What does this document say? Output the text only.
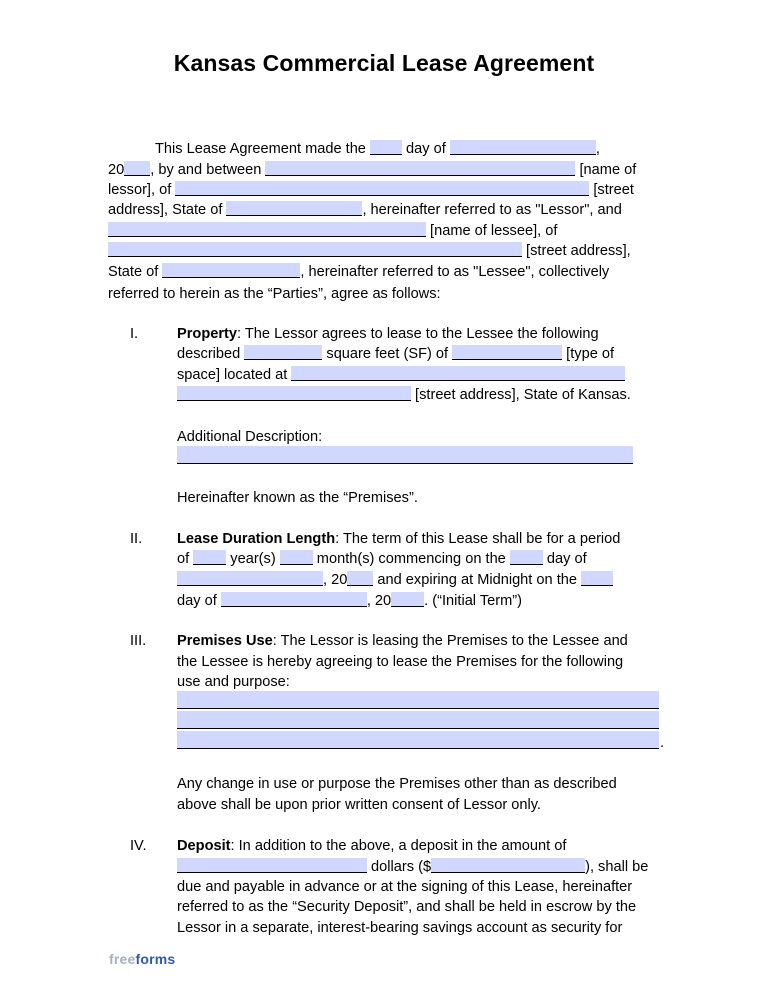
Kansas Commercial Lease Agreement
This Lease Agreement made the  day of	,
20 , by and between	[name of
lessor], of	[street
address], State of	, hereinafter referred to as "Lessor", and
[name of lessee], of
[street address],
State of	, hereinafter referred to as "Lessee", collectively
referred to herein as the “Parties”, agree as follows:
I.	Property: The Lessor agrees to lease to the Lessee the following
described	square feet (SF) of	[type of
space] located at
[street address], State of Kansas.
Additional Description:
Hereinafter known as the “Premises”.
II. Lease Duration Length: The term of this Lease shall be for a period
of  year(s)  month(s) commencing on the  day of
, 20 and expiring at Midnight on the
day of	, 20 . (“Initial Term”)
III. Premises Use: The Lessor is leasing the Premises to the Lessee and
the Lessee is hereby agreeing to lease the Premises for the following
use and purpose:
.
Any change in use or purpose the Premises other than as described
above shall be upon prior written consent of Lessor only.
IV. Deposit: In addition to the above, a deposit in the amount of
dollars ($	), shall be
due and payable in advance or at the signing of this Lease, hereinafter
referred to as the “Security Deposit”, and shall be held in escrow by the
Lessor in a separate, interest-bearing savings account as security for
freeforms
